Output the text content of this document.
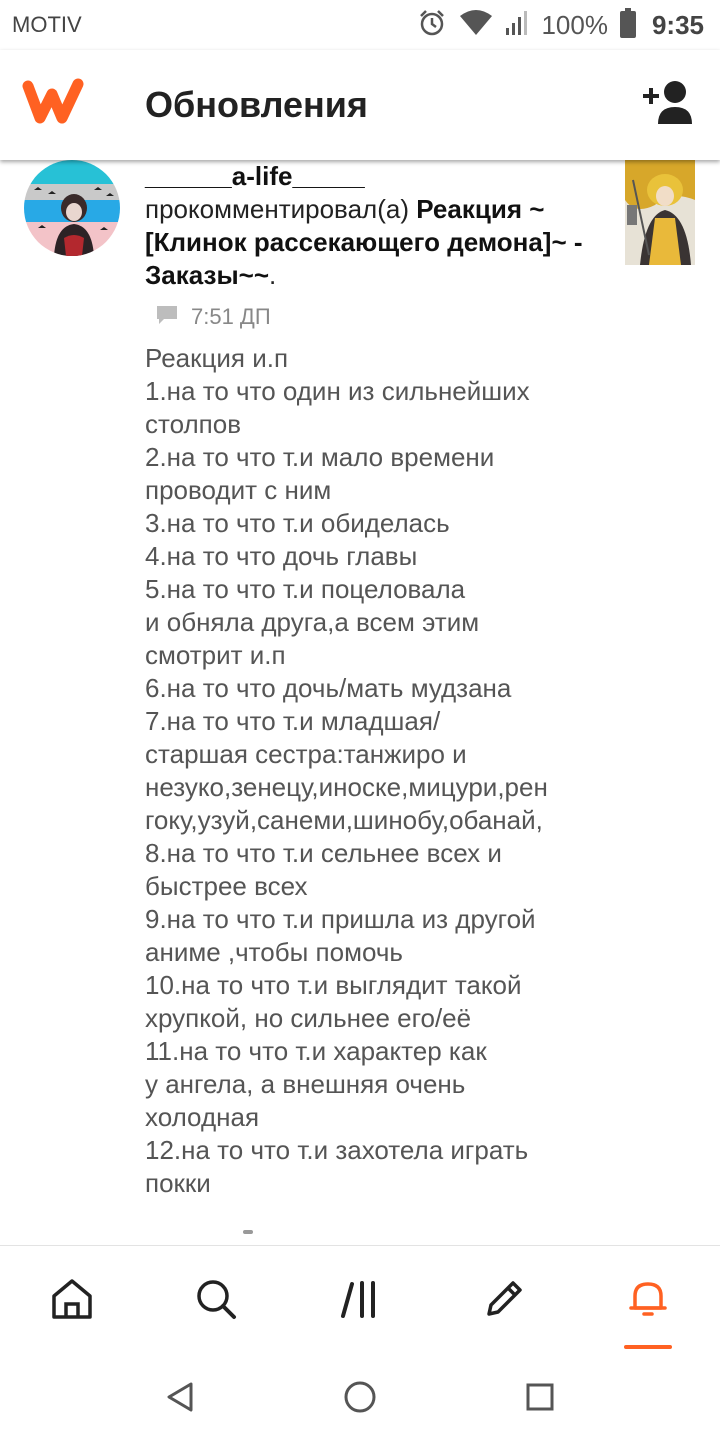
MOTIV	100% 9:35
Обновления
______a-life_____
прокомментировал(а) Реакция ~[Клинок рассекающего демона]~ - Заказы~~.
7:51 ДП
Реакция и.п
1.на то что один из сильнейших
столпов
2.на то что т.и мало времени
проводит с ним
3.на то что т.и обиделась
4.на то что дочь главы
5.на то что т.и поцеловала
и обняла друга,а всем этим
смотрит и.п
6.на то что дочь/мать мудзана
7.на то что т.и младшая/
старшая сестра:танжиро и
незуко,зенецу,иноске,мицури,рен
гоку,узуй,санеми,шинобу,обанай,
8.на то что т.и сельнее всех и
быстрее всех
9.на то что т.и пришла из другой
аниме ,чтобы помочь
10.на то что т.и выглядит такой
хрупкой, но сильнее его/её
11.на то что т.и характер как
у ангела, а внешняя очень
холодная
12.на то что т.и захотела играть
покки
